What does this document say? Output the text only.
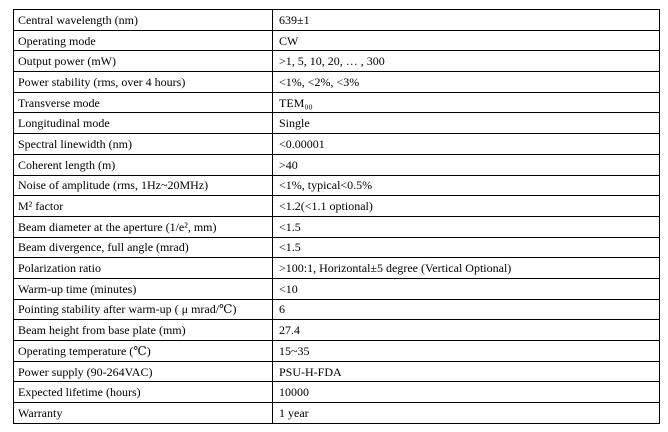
Central wavelength (nm)	639±1
Operating mode	CW
Output power (mW)	>1, 5, 10, 20, … , 300
Power stability (rms, over 4 hours)	<1%, <2%, <3%
Transverse mode	TEM₀₀
Longitudinal mode	Single
Spectral linewidth (nm)	<0.00001
Coherent length (m)	>40
Noise of amplitude (rms, 1Hz~20MHz)	<1%, typical<0.5%
M² factor	<1.2(<1.1 optional)
Beam diameter at the aperture (1/e², mm)	<1.5
Beam divergence, full angle (mrad)	<1.5
Polarization ratio	>100:1, Horizontal±5 degree (Vertical Optional)
Warm-up time (minutes)	<10
Pointing stability after warm-up ( μ mrad/℃)	6
Beam height from base plate (mm)	27.4
Operating temperature (℃)	15~35
Power supply (90-264VAC)	PSU-H-FDA
Expected lifetime (hours)	10000
Warranty	1 year
